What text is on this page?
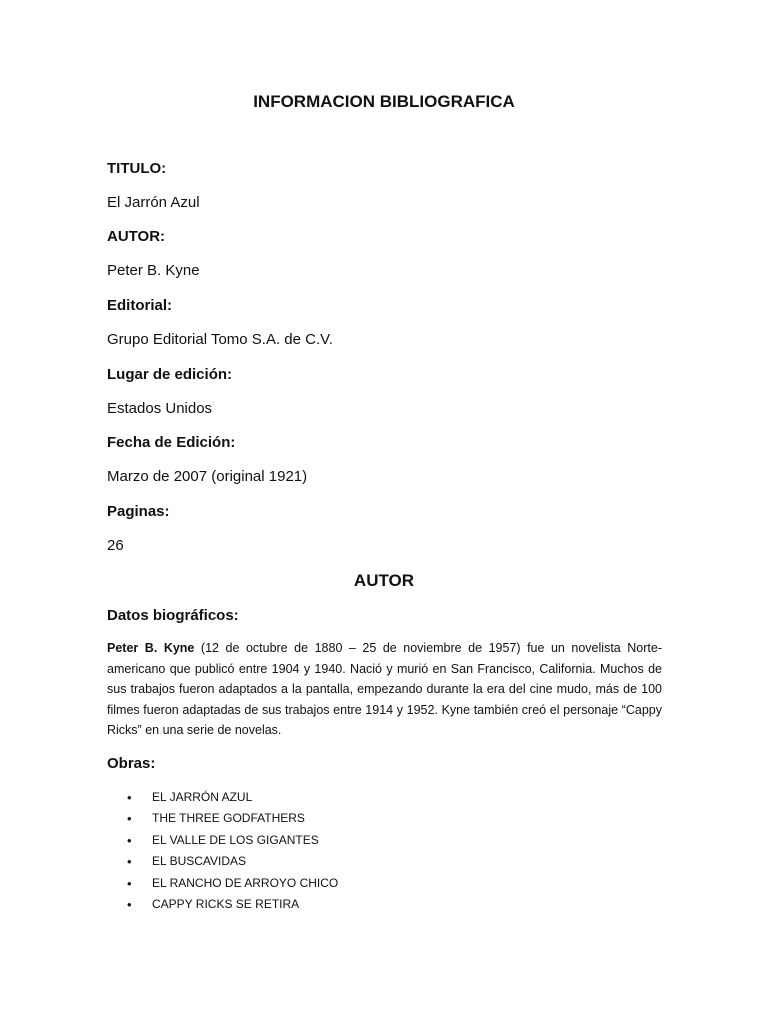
INFORMACION BIBLIOGRAFICA

TITULO:

El Jarrón Azul

AUTOR:

Peter B. Kyne

Editorial:

Grupo Editorial Tomo S.A. de C.V.

Lugar de edición:

Estados Unidos

Fecha de Edición:

Marzo de 2007 (original 1921)

Paginas:

26

AUTOR
Datos biográficos:

Peter B. Kyne (12 de octubre de 1880 – 25 de noviembre de 1957) fue un novelista Norte-americano que publicó entre 1904 y 1940. Nació y murió en San Francisco, California. Muchos de sus trabajos fueron adaptados a la pantalla, empezando durante la era del cine mudo, más de 100 filmes fueron adaptadas de sus trabajos entre 1914 y 1952. Kyne también creó el personaje “Cappy Ricks” en una serie de novelas.

Obras:
• EL JARRÓN AZUL
• THE THREE GODFATHERS
• EL VALLE DE LOS GIGANTES
• EL BUSCAVIDAS
• EL RANCHO DE ARROYO CHICO
• CAPPY RICKS SE RETIRA
